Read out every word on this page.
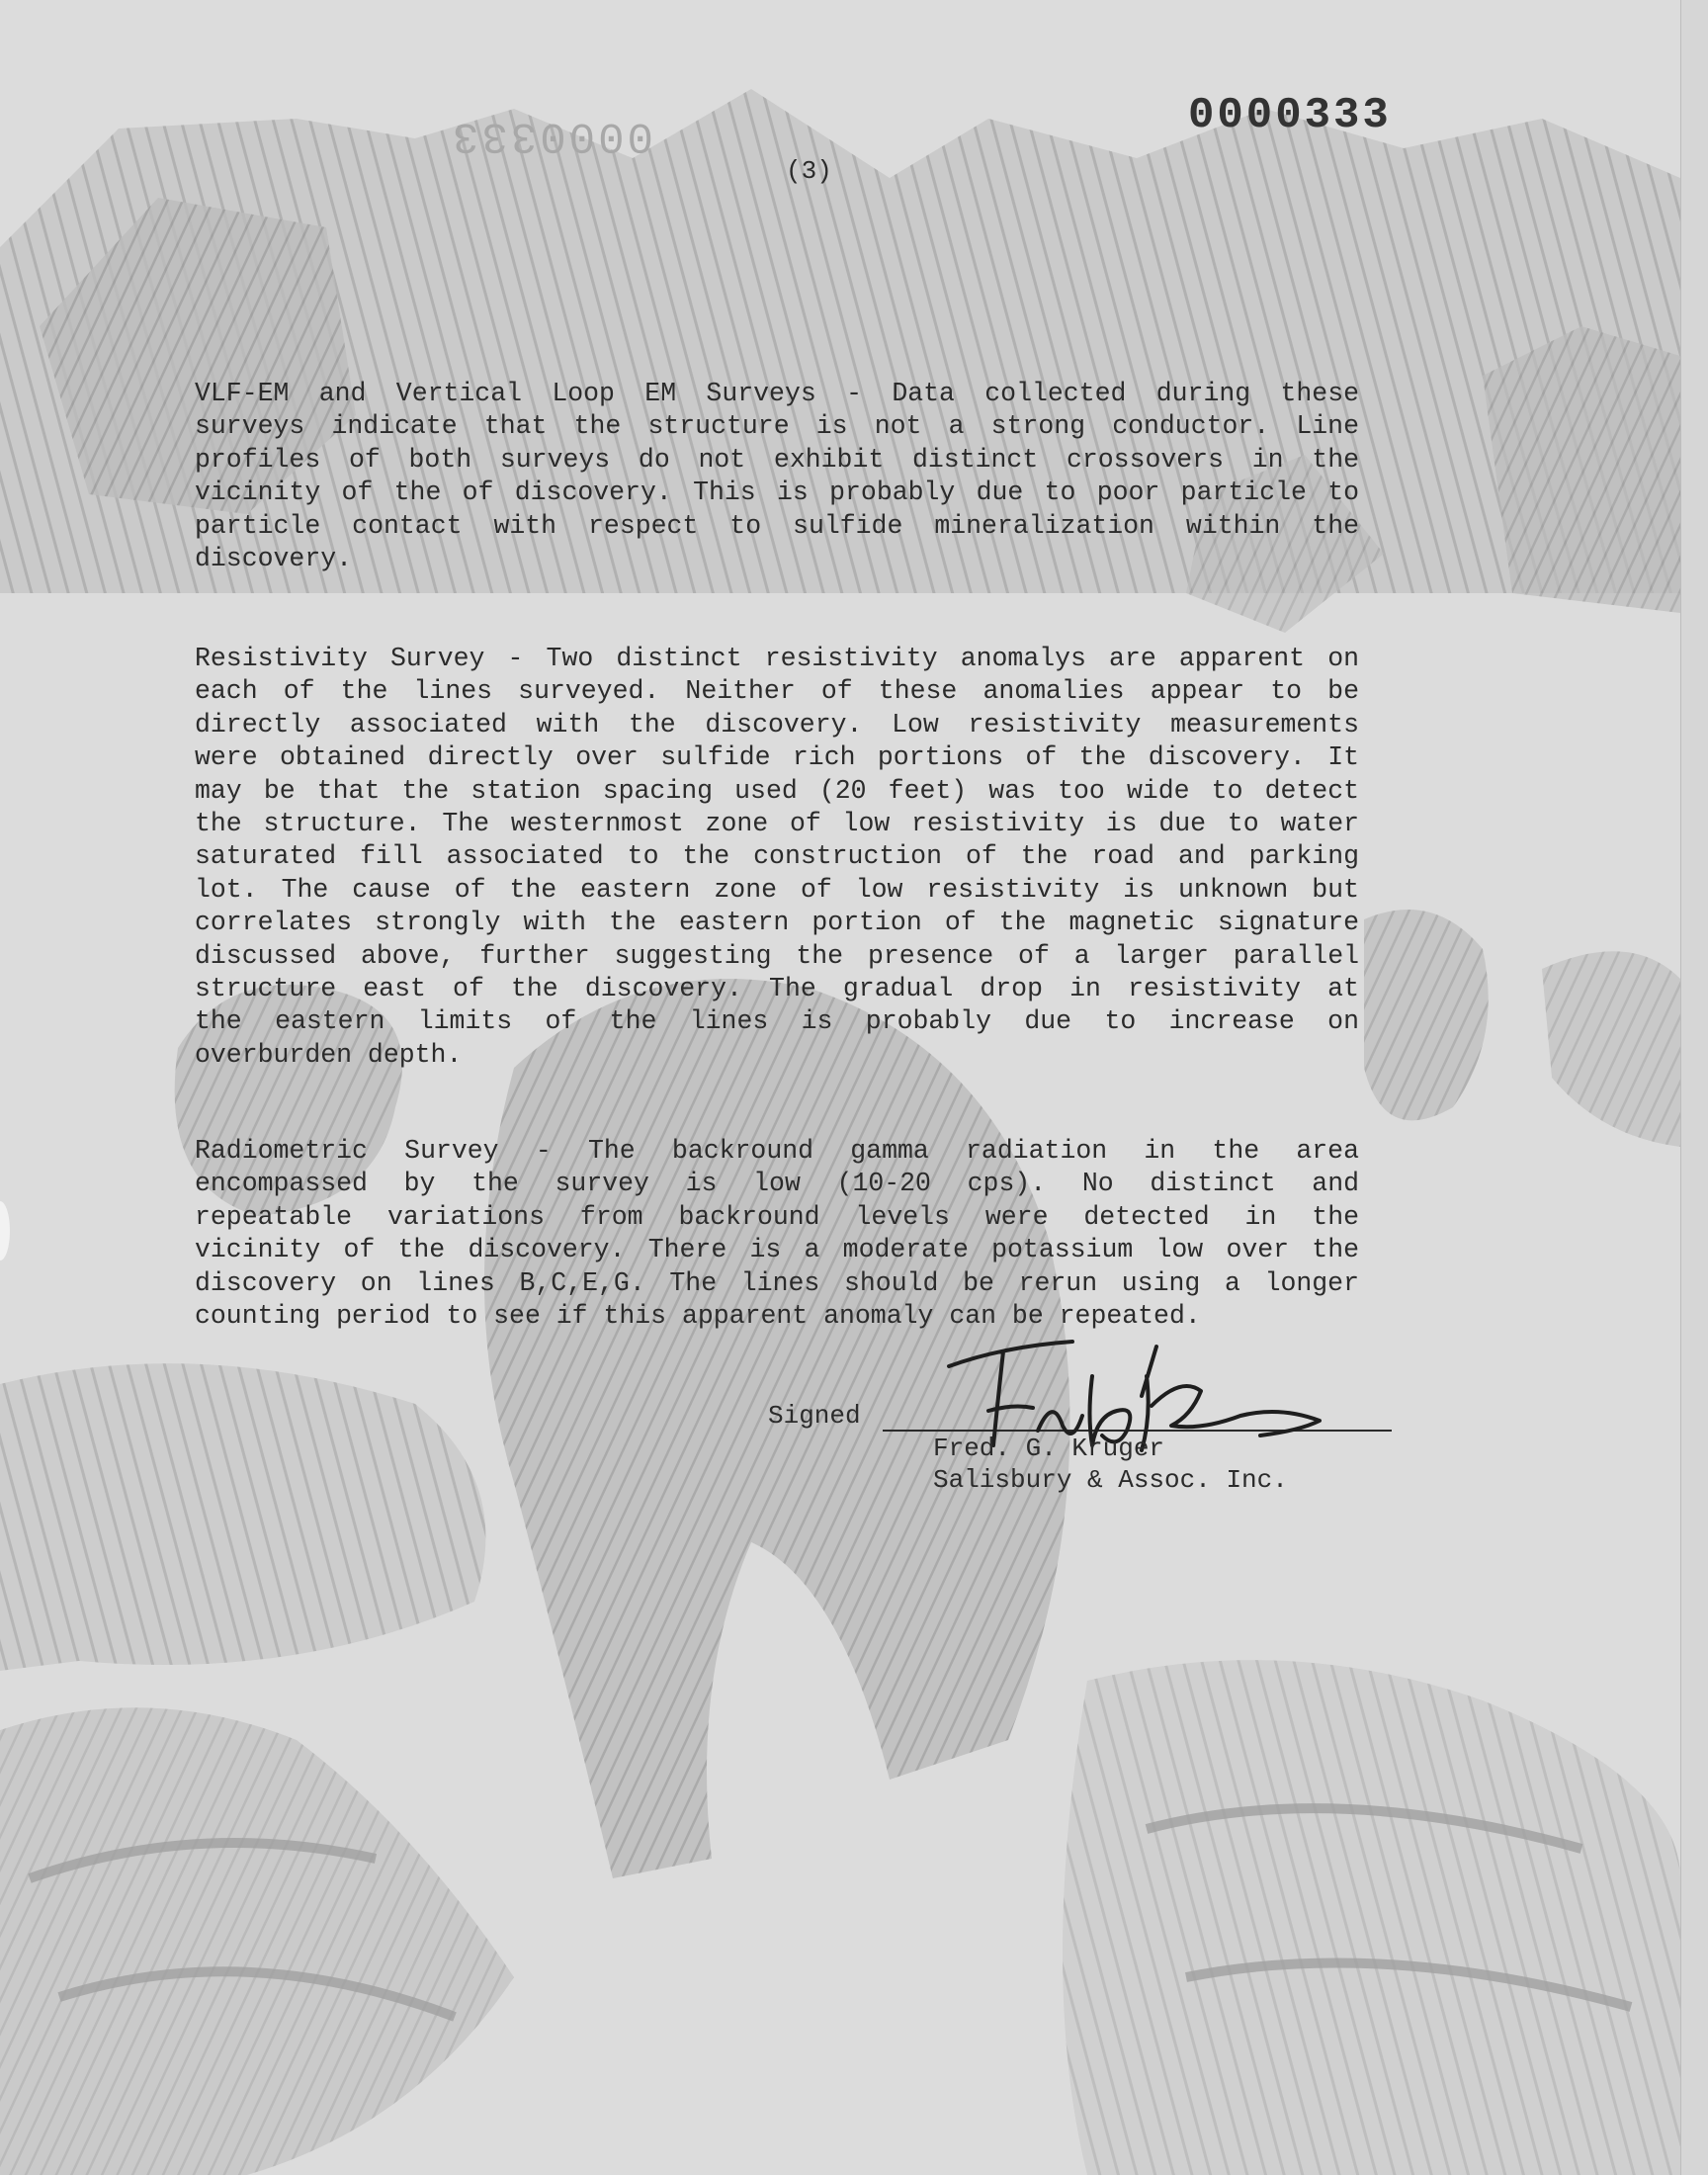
0000333	0000333
(3)
VLF-EM and Vertical Loop EM Surveys - Data collected during these
surveys indicate that the structure is not a strong conductor. Line
profiles of both surveys do not exhibit distinct crossovers in the
vicinity of the of discovery. This is probably due to poor particle to
particle contact with respect to sulfide mineralization within the
discovery.
Resistivity Survey - Two distinct resistivity anomalys are apparent on
each of the lines surveyed. Neither of these anomalies appear to be
directly associated with the discovery. Low resistivity measurements
were obtained directly over sulfide rich portions of the discovery. It
may be that the station spacing used (20 feet) was too wide to detect
the structure. The westernmost zone of low resistivity is due to water
saturated fill associated to the construction of the road and parking
lot. The cause of the eastern zone of low resistivity is unknown but
correlates strongly with the eastern portion of the magnetic signature
discussed above, further suggesting the presence of a larger parallel
structure east of the discovery. The gradual drop in resistivity at
the eastern limits of the lines is probably due to increase on
overburden depth.
Radiometric Survey - The backround gamma radiation in the area
encompassed by the survey is low (10-20 cps). No distinct and
repeatable variations from backround levels were detected in the
vicinity of the discovery. There is a moderate potassium low over the
discovery on lines B,C,E,G. The lines should be rerun using a longer
counting period to see if this apparent anomaly can be repeated.
Signed
Fred. G. Kruger
Salisbury & Assoc. Inc.
